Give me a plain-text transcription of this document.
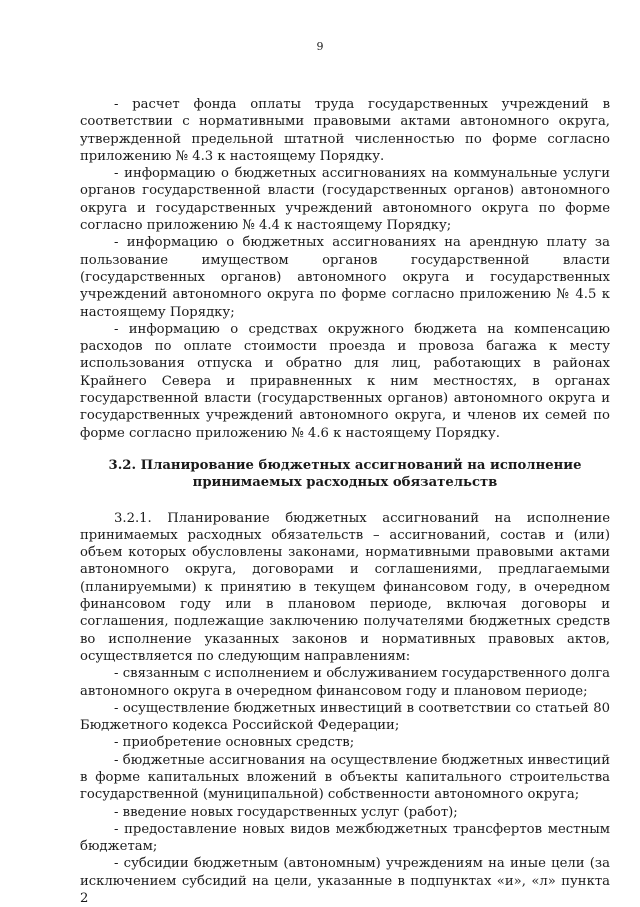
9

- расчет фонда оплаты труда государственных учреждений в соответствии с нормативными правовыми актами автономного округа, утвержденной предельной штатной численностью по форме согласно приложению № 4.3 к настоящему Порядку.

- информацию о бюджетных ассигнованиях на коммунальные услуги органов государственной власти (государственных органов) автономного округа и государственных учреждений автономного округа по форме согласно приложению № 4.4 к настоящему Порядку;

- информацию о бюджетных ассигнованиях на арендную плату за пользование имуществом органов государственной власти (государственных органов) автономного округа и государственных учреждений автономного округа по форме согласно приложению № 4.5 к настоящему Порядку;

- информацию о средствах окружного бюджета на компенсацию расходов по оплате стоимости проезда и провоза багажа к месту использования отпуска и обратно для лиц, работающих в районах Крайнего Севера и приравненных к ним местностях, в органах государственной власти (государственных органов) автономного округа и государственных учреждений автономного округа, и членов их семей по форме согласно приложению № 4.6 к настоящему Порядку.

3.2. Планирование бюджетных ассигнований на исполнение
принимаемых расходных обязательств

3.2.1. Планирование бюджетных ассигнований на исполнение принимаемых расходных обязательств – ассигнований, состав и (или) объем которых обусловлены законами, нормативными правовыми актами автономного округа, договорами и соглашениями, предлагаемыми (планируемыми) к принятию в текущем финансовом году, в очередном финансовом году или в плановом периоде, включая договоры и соглашения, подлежащие заключению получателями бюджетных средств во исполнение указанных законов и нормативных правовых актов, осуществляется по следующим направлениям:

- связанным с исполнением и обслуживанием государственного долга автономного округа в очередном финансовом году и плановом периоде;

- осуществление бюджетных инвестиций в соответствии со статьей 80 Бюджетного кодекса Российской Федерации;

- приобретение основных средств;

- бюджетные ассигнования на осуществление бюджетных инвестиций в форме капитальных вложений в объекты капитального строительства государственной (муниципальной) собственности автономного округа;

- введение новых государственных услуг (работ);

- предоставление новых видов межбюджетных трансфертов местным бюджетам;

- субсидии бюджетным (автономным) учреждениям на иные цели (за исключением субсидий на цели, указанные в подпунктах «и», «л» пункта 2
